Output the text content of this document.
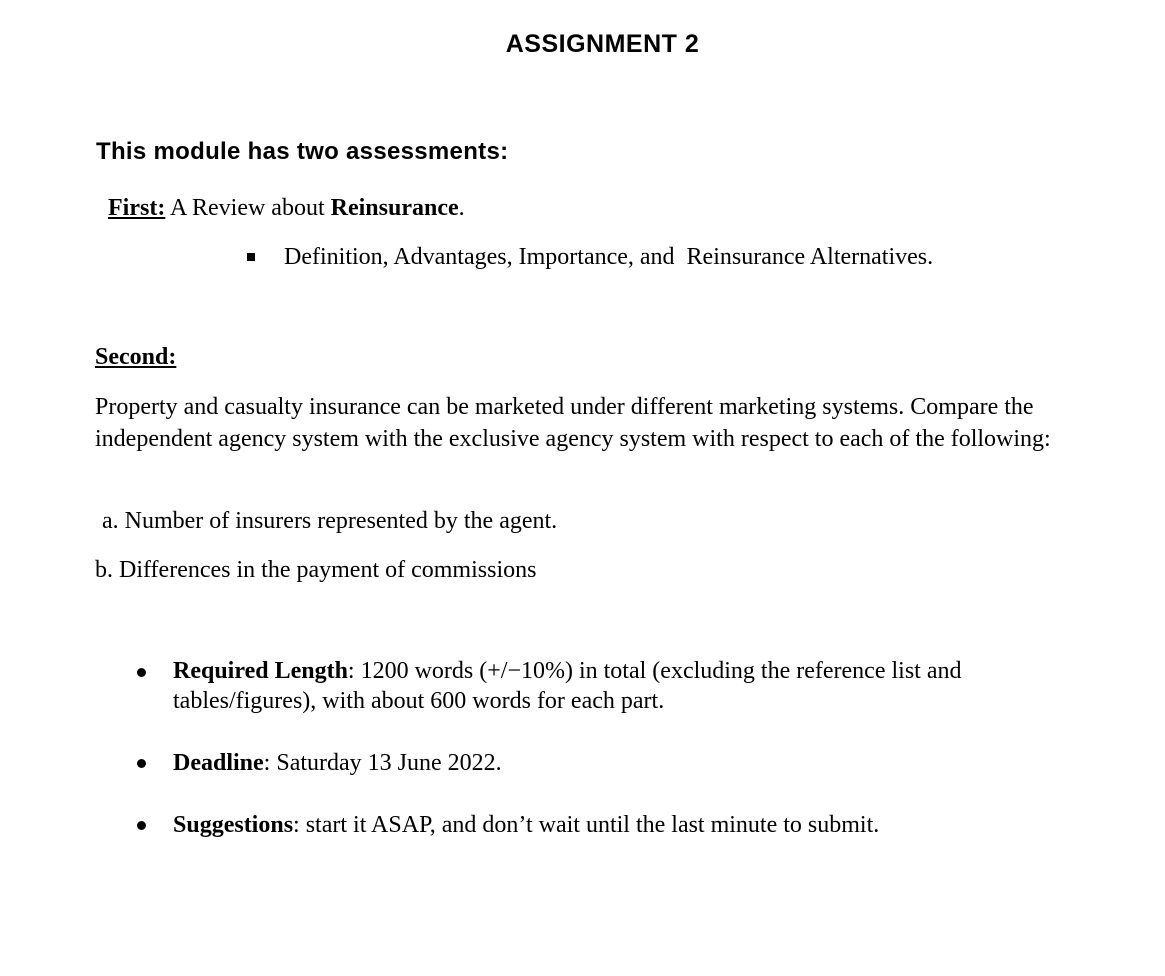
ASSIGNMENT 2
This module has two assessments:
First: A Review about Reinsurance.
Definition, Advantages, Importance, and  Reinsurance Alternatives.
Second:
Property and casualty insurance can be marketed under different marketing systems. Compare the independent agency system with the exclusive agency system with respect to each of the following:
a. Number of insurers represented by the agent.
b. Differences in the payment of commissions
Required Length: 1200 words (+/−10%) in total (excluding the reference list and tables/figures), with about 600 words for each part.
Deadline: Saturday 13 June 2022.
Suggestions: start it ASAP, and don’t wait until the last minute to submit.
